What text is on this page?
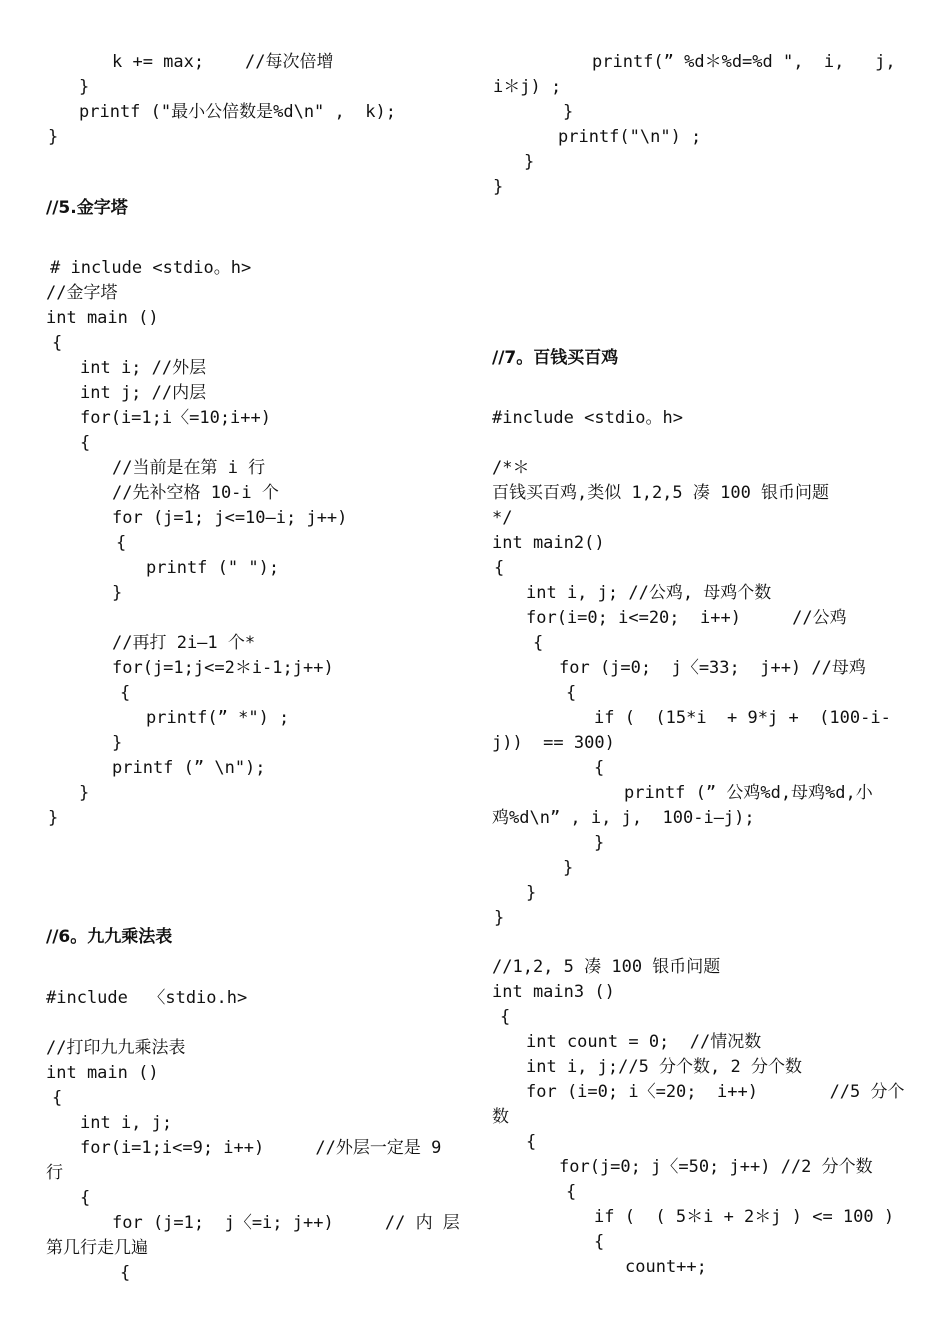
k += max;    //每次倍增
}
printf ("最小公倍数是%d\n" ,  k);
}
//5.金字塔
# include <stdio。h>
//金字塔
int main ()
{
int i; //外层
int j; //内层
for(i=1;i〈=10;i++)
{
//当前是在第 i 行
//先补空格 10-i 个
for (j=1; j<=10—i; j++)
{
printf (" ");
}
//再打 2i—1 个*
for(j=1;j<=2＊i-1;j++)
{
printf(” *") ;
}
printf (” \n");
}
}
//6。九九乘法表
#include  〈stdio.h>
//打印九九乘法表
int main ()
{
int i, j;
for(i=1;i<=9; i++)     //外层一定是 9
行
{
for (j=1;  j〈=i; j++)     // 内 层
第几行走几遍
{
printf(” %d＊%d=%d ",  i,   j,
i＊j) ;
}
printf("\n") ;
}
}
//7。百钱买百鸡
#include <stdio。h>
/*＊
百钱买百鸡,类似 1,2,5 凑 100 银币问题
*/
int main2()
{
int i, j; //公鸡, 母鸡个数
for(i=0; i<=20;  i++)     //公鸡
{
for (j=0;  j〈=33;  j++) //母鸡
{
if (  (15*i  + 9*j +  (100-i-
j))  == 300)
{
printf (” 公鸡%d,母鸡%d,小
鸡%d\n” , i, j,  100-i—j);
}
}
}
}
//1,2, 5 凑 100 银币问题
int main3 ()
{
int count = 0;  //情况数
int i, j;//5 分个数, 2 分个数
for (i=0; i〈=20;  i++)       //5 分个
数
{
for(j=0; j〈=50; j++) //2 分个数
{
if (  ( 5＊i + 2＊j ) <= 100 )
{
count++;
